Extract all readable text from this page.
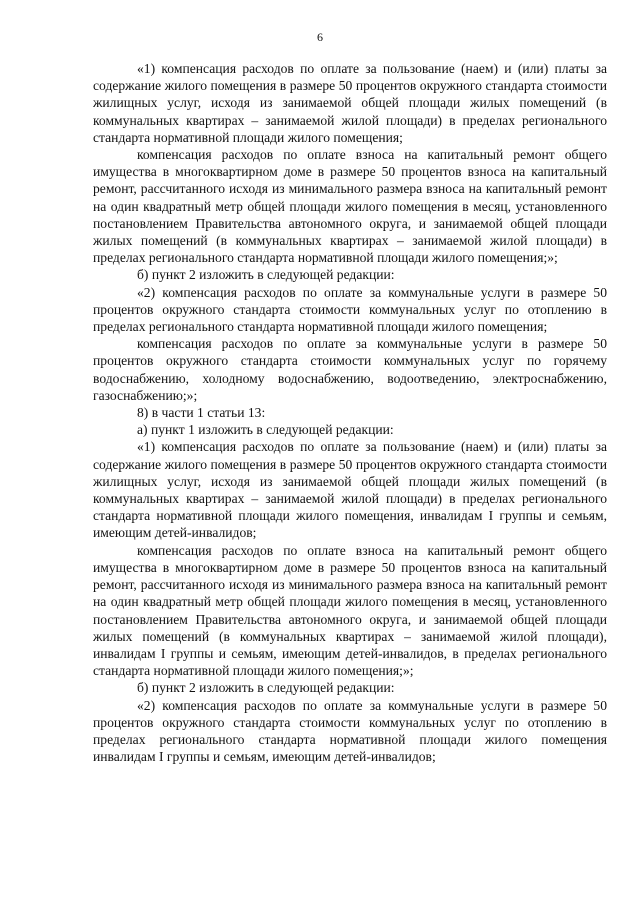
6

«1) компенсация расходов по оплате за пользование (наем) и (или) платы за содержание жилого помещения в размере 50 процентов окружного стандарта стоимости жилищных услуг, исходя из занимаемой общей площади жилых помещений (в коммунальных квартирах – занимаемой жилой площади) в пределах регионального стандарта нормативной площади жилого помещения;

компенсация расходов по оплате взноса на капитальный ремонт общего имущества в многоквартирном доме в размере 50 процентов взноса на капитальный ремонт, рассчитанного исходя из минимального размера взноса на капитальный ремонт на один квадратный метр общей площади жилого помещения в месяц, установленного постановлением Правительства автономного округа, и занимаемой общей площади жилых помещений (в коммунальных квартирах – занимаемой жилой площади) в пределах регионального стандарта нормативной площади жилого помещения;»;

б) пункт 2 изложить в следующей редакции:

«2) компенсация расходов по оплате за коммунальные услуги в размере 50 процентов окружного стандарта стоимости коммунальных услуг по отоплению в пределах регионального стандарта нормативной площади жилого помещения;

компенсация расходов по оплате за коммунальные услуги в размере 50 процентов окружного стандарта стоимости коммунальных услуг по горячему водоснабжению, холодному водоснабжению, водоотведению, электроснабжению, газоснабжению;»;

8) в части 1 статьи 13:

а) пункт 1 изложить в следующей редакции:

«1) компенсация расходов по оплате за пользование (наем) и (или) платы за содержание жилого помещения в размере 50 процентов окружного стандарта стоимости жилищных услуг, исходя из занимаемой общей площади жилых помещений (в коммунальных квартирах – занимаемой жилой площади) в пределах регионального стандарта нормативной площади жилого помещения, инвалидам I группы и семьям, имеющим детей-инвалидов;

компенсация расходов по оплате взноса на капитальный ремонт общего имущества в многоквартирном доме в размере 50 процентов взноса на капитальный ремонт, рассчитанного исходя из минимального размера взноса на капитальный ремонт на один квадратный метр общей площади жилого помещения в месяц, установленного постановлением Правительства автономного округа, и занимаемой общей площади жилых помещений (в коммунальных квартирах – занимаемой жилой площади), инвалидам I группы и семьям, имеющим детей-инвалидов, в пределах регионального стандарта нормативной площади жилого помещения;»;

б) пункт 2 изложить в следующей редакции:

«2) компенсация расходов по оплате за коммунальные услуги в размере 50 процентов окружного стандарта стоимости коммунальных услуг по отоплению в пределах регионального стандарта нормативной площади жилого помещения инвалидам I группы и семьям, имеющим детей-инвалидов;
